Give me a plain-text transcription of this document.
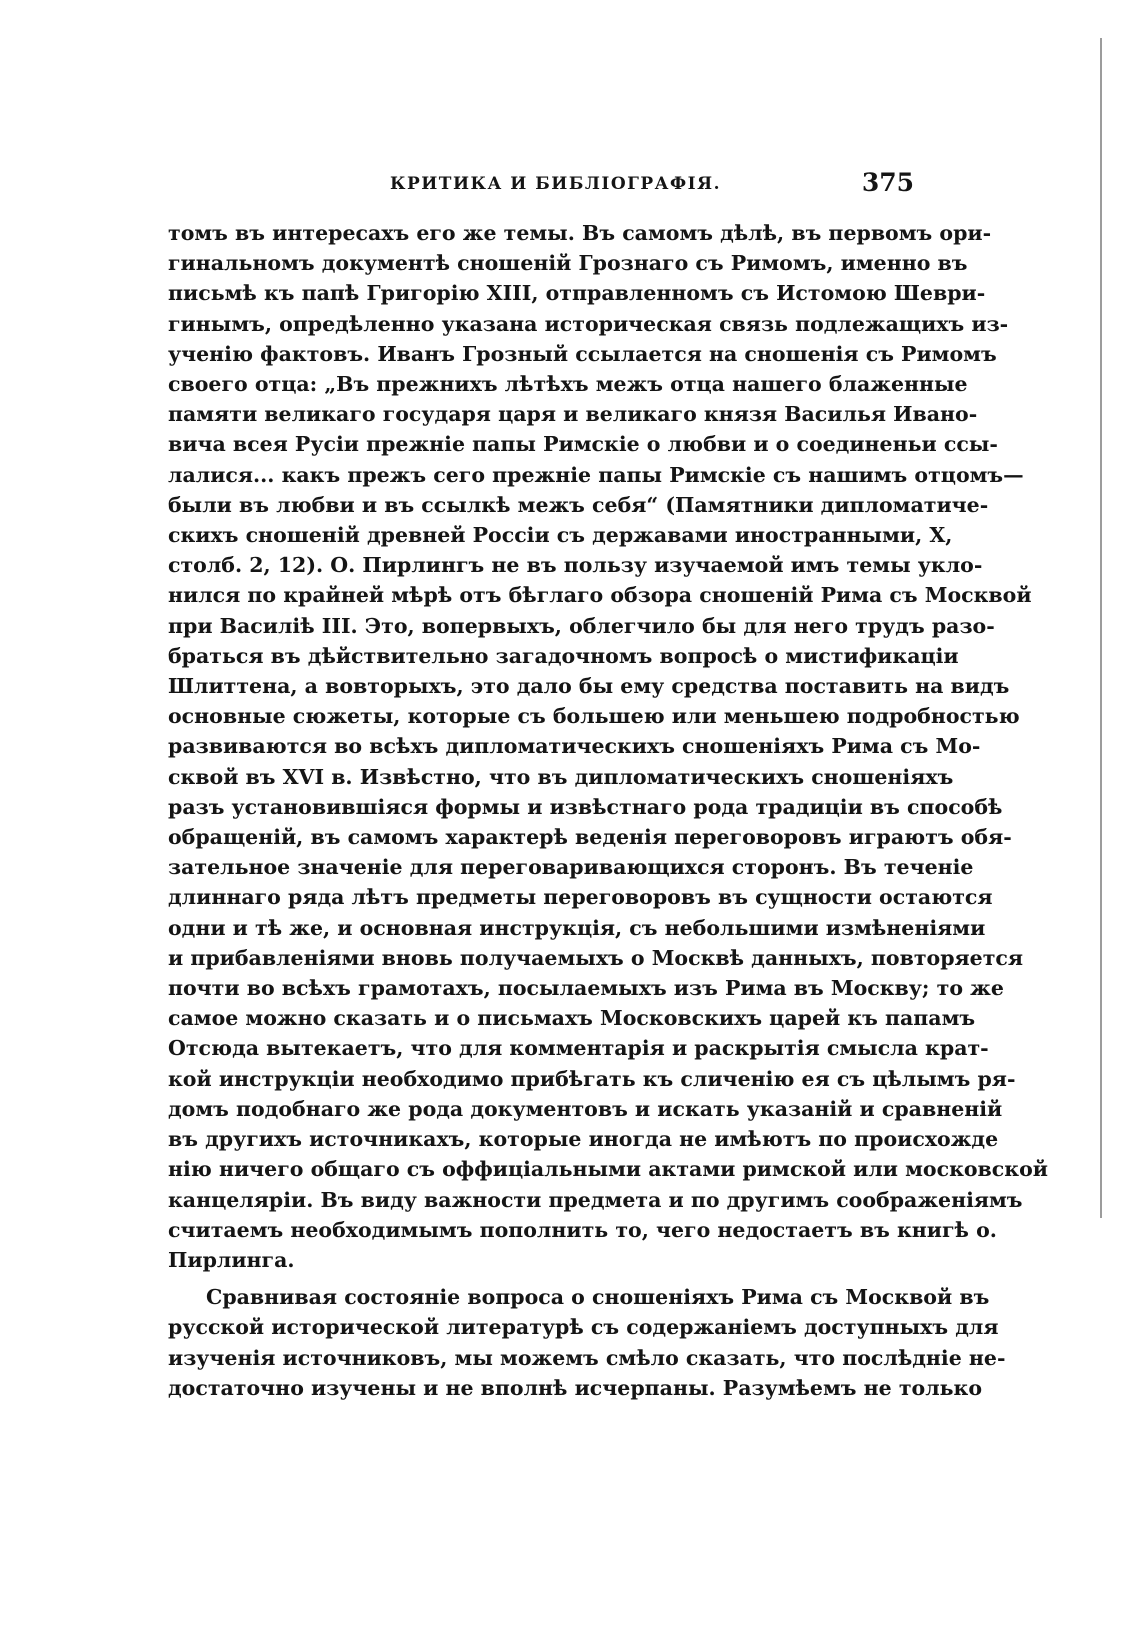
КРИТИКА И БИБЛІОГРАФІЯ.	375
томъ въ интересахъ его же темы. Въ самомъ дѣлѣ, въ первомъ ори-
гинальномъ документѣ сношеній Грознаго съ Римомъ, именно въ
письмѣ къ папѣ Григорію XIII, отправленномъ съ Истомою Шеври-
гинымъ, опредѣленно указана историческая связь подлежащихъ из-
ученію фактовъ. Иванъ Грозный ссылается на сношенія съ Римомъ
своего отца: „Въ прежнихъ лѣтѣхъ межъ отца нашего блаженные
памяти великаго государя царя и великаго князя Василья Ивано-
вича всея Русіи прежніе папы Римскіе о любви и о соединеньи ссы-
лалися... какъ прежъ сего прежніе папы Римскіе съ нашимъ отцомъ—
были въ любви и въ ссылкѣ межъ себя“ (Памятники дипломатиче-
скихъ сношеній древней Россіи съ державами иностранными, X,
столб. 2, 12). О. Пирлингъ не въ пользу изучаемой имъ темы укло-
нился по крайней мѣрѣ отъ бѣглаго обзора сношеній Рима съ Москвой
при Василіѣ III. Это, вопервыхъ, облегчило бы для него трудъ разо-
браться въ дѣйствительно загадочномъ вопросѣ о мистификаціи
Шлиттена, а вовторыхъ, это дало бы ему средства поставить на видъ
основные сюжеты, которые съ большею или меньшею подробностью
развиваются во всѣхъ дипломатическихъ сношеніяхъ Рима съ Мо-
сквой въ XVI в. Извѣстно, что въ дипломатическихъ сношеніяхъ
разъ установившіяся формы и извѣстнаго рода традиціи въ способѣ
обращеній, въ самомъ характерѣ веденія переговоровъ играютъ обя-
зательное значеніе для переговаривающихся сторонъ. Въ теченіе
длиннаго ряда лѣтъ предметы переговоровъ въ сущности остаются
одни и тѣ же, и основная инструкція, съ небольшими измѣненіями
и прибавленіями вновь получаемыхъ о Москвѣ данныхъ, повторяется
почти во всѣхъ грамотахъ, посылаемыхъ изъ Рима въ Москву; то же
самое можно сказать и о письмахъ Московскихъ царей къ папамъ
Отсюда вытекаетъ, что для комментарія и раскрытія смысла крат-
кой инструкціи необходимо прибѣгать къ сличенію ея съ цѣлымъ ря-
домъ подобнаго же рода документовъ и искать указаній и сравненій
въ другихъ источникахъ, которые иногда не имѣютъ по происхожде
нію ничего общаго съ оффиціальными актами римской или московской
канцеляріи. Въ виду важности предмета и по другимъ соображеніямъ
считаемъ необходимымъ пополнить то, чего недостаетъ въ книгѣ о.
Пирлинга.
Сравнивая состояніе вопроса о сношеніяхъ Рима съ Москвой въ
русской исторической литературѣ съ содержаніемъ доступныхъ для
изученія источниковъ, мы можемъ смѣло сказать, что послѣдніе не-
достаточно изучены и не вполнѣ исчерпаны. Разумѣемъ не только
